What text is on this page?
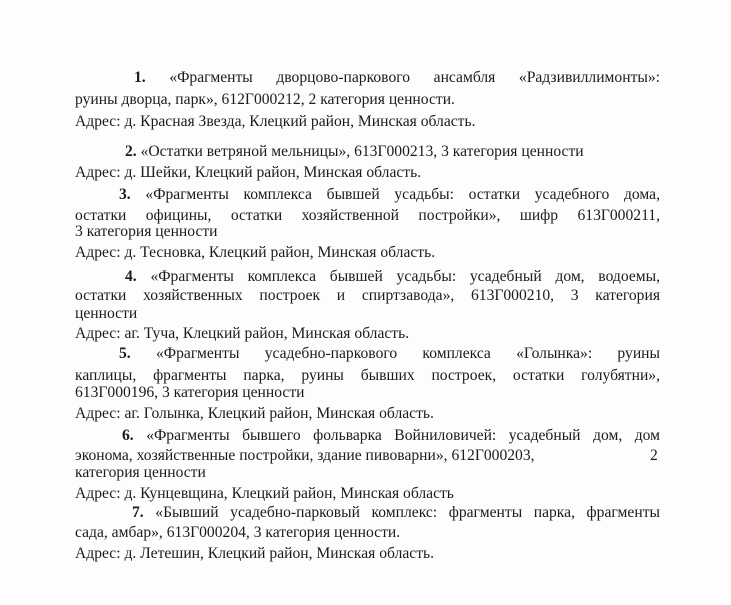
1. «Фрагменты дворцово-паркового ансамбля «Радзивиллимонты»:
руины дворца, парк», 612Г000212, 2 категория ценности.
Адрес: д. Красная Звезда, Клецкий район, Минская область.
2. «Остатки ветряной мельницы», 613Г000213, 3 категория ценности
Адрес: д. Шейки, Клецкий район, Минская область.
3. «Фрагменты комплекса бывшей усадьбы: остатки усадебного дома,
остатки официны, остатки хозяйственной постройки», шифр 613Г000211,
3 категория ценности
Адрес: д. Тесновка, Клецкий район, Минская область.
4. «Фрагменты комплекса бывшей усадьбы: усадебный дом, водоемы,
остатки хозяйственных построек и спиртзавода», 613Г000210, 3 категория
ценности
Адрес: аг. Туча, Клецкий район, Минская область.
5. «Фрагменты усадебно-паркового комплекса «Голынка»: руины
каплицы, фрагменты парка, руины бывших построек, остатки голубятни»,
613Г000196, 3 категория ценности
Адрес: аг. Голынка, Клецкий район, Минская область.
6. «Фрагменты бывшего фольварка Войниловичей: усадебный дом, дом
эконома, хозяйственные постройки, здание пивоварни», 612Г000203,	2
категория ценности
Адрес: д. Кунцевщина, Клецкий район, Минская область
7. «Бывший усадебно-парковый комплекс: фрагменты парка, фрагменты
сада, амбар», 613Г000204, 3 категория ценности.
Адрес: д. Летешин, Клецкий район, Минская область.
